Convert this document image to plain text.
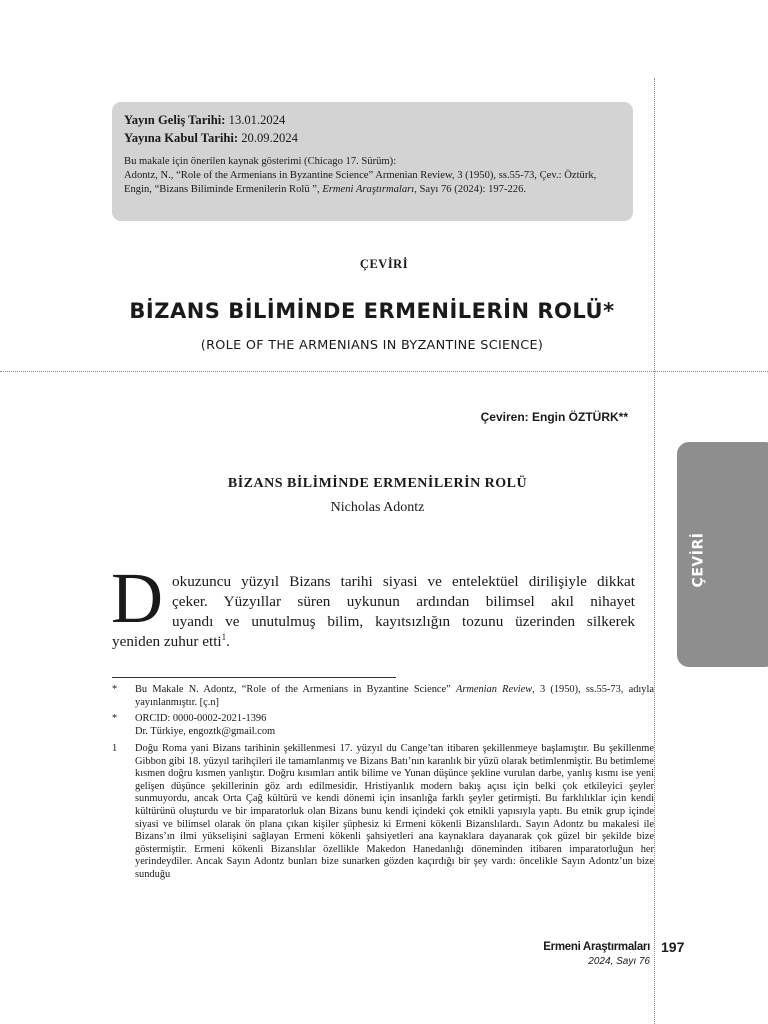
Yayın Geliş Tarihi: 13.01.2024
Yayına Kabul Tarihi: 20.09.2024
Bu makale için önerilen kaynak gösterimi (Chicago 17. Sürüm):
Adontz, N., “Role of the Armenians in Byzantine Science” Armenian Review, 3 (1950), ss.55-73, Çev.: Öztürk, Engin, “Bizans Biliminde Ermenilerin Rolü ”, Ermeni Araştırmaları, Sayı 76 (2024): 197-226.
ÇEVİRİ
BİZANS BİLİMİNDE ERMENİLERİN ROLÜ*
(ROLE OF THE ARMENIANS IN BYZANTINE SCIENCE)
Çeviren: Engin ÖZTÜRK**
ÇEVİRİ
BİZANS BİLİMİNDE ERMENİLERİN ROLÜ
Nicholas Adontz
D okuzuncu yüzyıl Bizans tarihi siyasi ve entelektüel dirilişiyle dikkat
çeker. Yüzyıllar süren uykunun ardından bilimsel akıl nihayet
uyandı ve unutulmuş bilim, kayıtsızlığın tozunu üzerinden silkerek
yeniden zuhur etti$^1$.
* Bu Makale N. Adontz, “Role of the Armenians in Byzantine Science” Armenian Review, 3 (1950), ss.55-73, adıyla yayınlanmıştır. [ç.n]
* ORCID: 0000-0002-2021-1396
Dr. Türkiye, engoztk@gmail.com
1 Doğu Roma yani Bizans tarihinin şekillenmesi 17. yüzyıl du Cange’tan itibaren şekillenmeye başlamıştır. Bu şekillenme Gibbon gibi 18. yüzyıl tarihçileri ile tamamlanmış ve Bizans Batı’nın karanlık bir yüzü olarak betimlenmiştir. Bu betimleme kısmen doğru kısmen yanlıştır. Doğru kısımları antik bilime ve Yunan düşünce şekline vurulan darbe, yanlış kısmı ise yeni gelişen düşünce şekillerinin göz ardı edilmesidir. Hristiyanlık modern bakış açısı için belki çok etkileyici şeyler sunmuyordu, ancak Orta Çağ kültürü ve kendi dönemi için insanlığa farklı şeyler getirmişti. Bu farklılıklar için kendi kültürünü oluşturdu ve bir imparatorluk olan Bizans bunu kendi içindeki çok etnikli yapısıyla yaptı. Bu etnik grup içinde siyasi ve bilimsel olarak ön plana çıkan kişiler şüphesiz ki Ermeni kökenli Bizanslılardı. Sayın Adontz bu makalesi ile Bizans’ın ilmi yükselişini sağlayan Ermeni kökenli şahsiyetleri ana kaynaklara dayanarak çok güzel bir şekilde bize göstermiştir. Ermeni kökenli Bizanslılar özellikle Makedon Hanedanlığı döneminden itibaren imparatorluğun her yerindeydiler. Ancak Sayın Adontz bunları bize sunarken gözden kaçırdığı bir şey vardı: öncelikle Sayın Adontz’un bize sunduğu
Ermeni Araştırmaları
2024, Sayı 76
197
